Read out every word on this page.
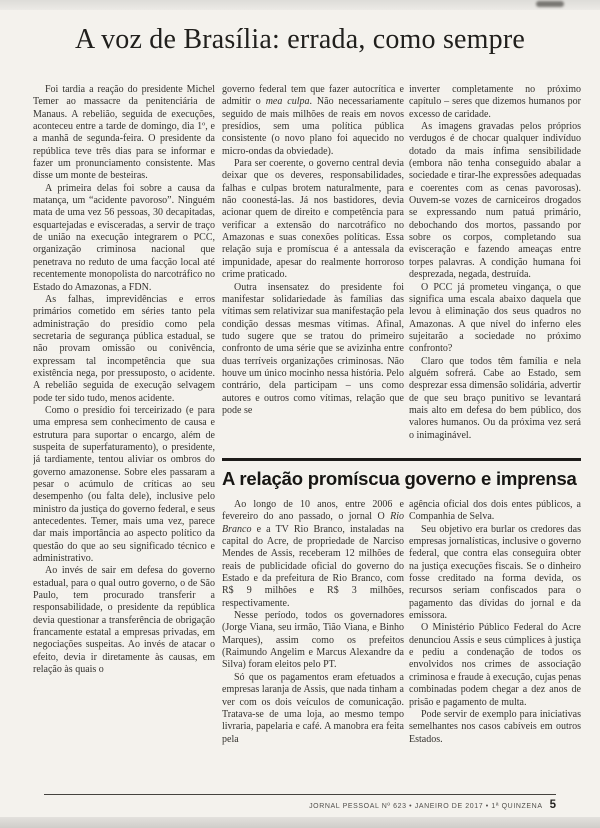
A voz de Brasília: errada, como sempre

Foi tardia a reação do presidente Michel Temer ao massacre da penitenciária de Manaus. A rebelião, seguida de execuções, aconteceu entre a tarde de domingo, dia 1º, e a manhã de segunda-feira. O presidente da república teve três dias para se informar e fazer um pronunciamento consistente. Mas disse um monte de besteiras.

A primeira delas foi sobre a causa da matança, um “acidente pavoroso”. Ninguém mata de uma vez 56 pessoas, 30 decapitadas, esquartejadas e evisceradas, a servir de traço de união na execução integrarem o PCC, organização criminosa nacional que penetrava no reduto de uma facção local até recentemente monopolista do narcotráfico no Estado do Amazonas, a FDN.

As falhas, imprevidências e erros primários cometido em séries tanto pela administração do presídio como pela secretaria de segurança pública estadual, se não provam omissão ou conivência, expressam tal incompetência que sua existência nega, por pressuposto, o acidente. A rebelião seguida de execução selvagem pode ter sido tudo, menos acidente.

Como o presídio foi terceirizado (e para uma empresa sem conhecimento de causa e estrutura para suportar o encargo, além de suspeita de superfaturamento), o presidente, já tardiamente, tentou aliviar os ombros do governo amazonense. Sobre eles passaram a pesar o acúmulo de críticas ao seu desempenho (ou falta dele), inclusive pelo ministro da justiça do governo federal, e seus antecedentes. Temer, mais uma vez, parece dar mais importância ao aspecto político da questão do que ao seu significado técnico e administrativo.

Ao invés de sair em defesa do governo estadual, para o qual outro governo, o de São Paulo, tem procurado transferir a responsabilidade, o presidente da república devia questionar a transferência de obrigação francamente estatal a empresas privadas, em negociações suspeitas. Ao invés de atacar o efeito, devia ir diretamente às causas, em relação às quais o

governo federal tem que fazer autocrítica e admitir o mea culpa. Não necessariamente seguido de mais milhões de reais em novos presídios, sem uma política pública consistente (o novo plano foi aquecido no micro-ondas da obviedade).

Para ser coerente, o governo central devia deixar que os deveres, responsabilidades, falhas e culpas brotem naturalmente, para não coonestá-las. Já nos bastidores, devia acionar quem de direito e competência para verificar a extensão do narcotráfico no Amazonas e suas conexões políticas. Essa relação suja e promíscua é a antessala da impunidade, apesar do realmente horroroso crime praticado.

Outra insensatez do presidente foi manifestar solidariedade às famílias das vítimas sem relativizar sua manifestação pela condição dessas mesmas vítimas. Afinal, tudo sugere que se tratou do primeiro confronto de uma série que se avizinha entre duas terríveis organizações criminosas. Não houve um único mocinho nessa história. Pelo contrário, dela participam – uns como autores e outros como vítimas, relação que pode se

inverter completamente no próximo capítulo – seres que dizemos humanos por excesso de caridade.

As imagens gravadas pelos próprios verdugos é de chocar qualquer indivíduo dotado da mais ínfima sensibilidade (embora não tenha conseguido abalar a sociedade e tirar-lhe expressões adequadas e coerentes com as cenas pavorosas). Ouvem-se vozes de carniceiros drogados se expressando num patuá primário, debochando dos mortos, passando por sobre os corpos, completando sua evisceração e fazendo ameaças entre torpes palavras. A condição humana foi desprezada, negada, destruída.

O PCC já prometeu vingança, o que significa uma escala abaixo daquela que levou à eliminação dos seus quadros no Amazonas. A que nível do inferno eles sujeitarão a sociedade no próximo confronto?

Claro que todos têm família e nela alguém sofrerá. Cabe ao Estado, sem desprezar essa dimensão solidária, advertir de que seu braço punitivo se levantará mais alto em defesa do bem público, dos valores humanos. Ou da próxima vez será o inimaginável.

A relação promíscua governo e imprensa

Ao longo de 10 anos, entre 2006 e fevereiro do ano passado, o jornal O Rio Branco e a TV Rio Branco, instaladas na capital do Acre, de propriedade de Narciso Mendes de Assis, receberam 12 milhões de reais de publicidade oficial do governo do Estado e da prefeitura de Rio Branco, com R$ 9 milhões e R$ 3 milhões, respectivamente.

Nesse período, todos os governadores (Jorge Viana, seu irmão, Tião Viana, e Binho Marques), assim como os prefeitos (Raimundo Angelim e Marcus Alexandre da Silva) foram eleitos pelo PT.

Só que os pagamentos eram efetuados a empresas laranja de Assis, que nada tinham a ver com os dois veículos de comunicação. Tratava-se de uma loja, ao mesmo tempo livraria, papelaria e café. A manobra era feita pela

agência oficial dos dois entes públicos, a Companhia de Selva.

Seu objetivo era burlar os credores das empresas jornalísticas, inclusive o governo federal, que contra elas conseguira obter na justiça execuções fiscais. Se o dinheiro fosse creditado na forma devida, os recursos seriam confiscados para o pagamento das dívidas do jornal e da emissora.

O Ministério Público Federal do Acre denunciou Assis e seus cúmplices à justiça e pediu a condenação de todos os envolvidos nos crimes de associação criminosa e fraude à execução, cujas penas combinadas podem chegar a dez anos de prisão e pagamento de multa.

Pode servir de exemplo para iniciativas semelhantes nos casos cabíveis em outros Estados.

JORNAL PESSOAL Nº 623 • JANEIRO DE 2017 • 1ª QUINZENA 5
